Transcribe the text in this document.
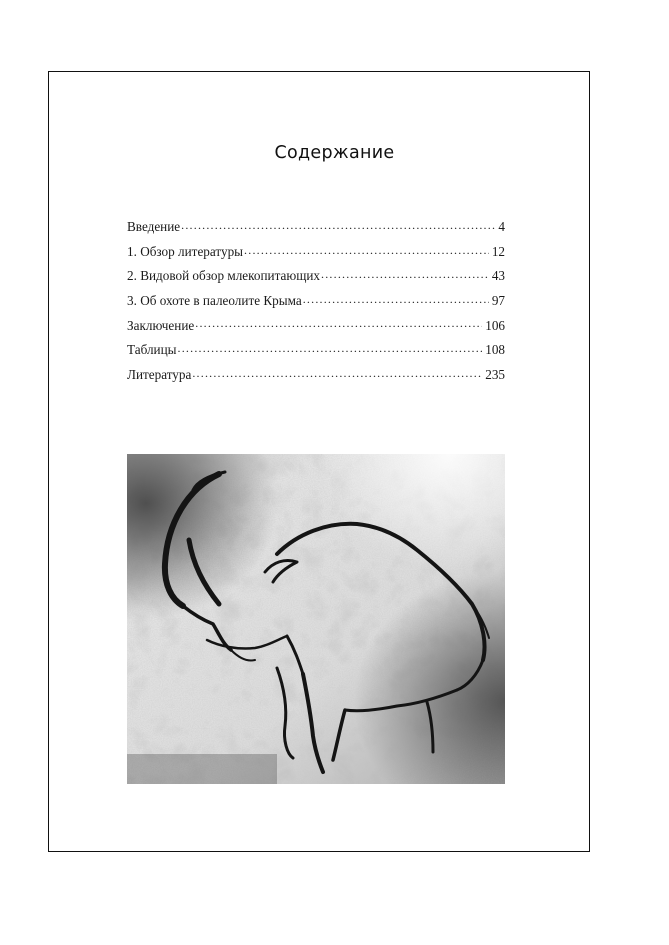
Содержание
Введение .....	4
1. Обзор литературы .....	12
2. Видовой обзор млекопитающих .....	43
3. Об охоте в палеолите Крыма .....	97
Заключение .....	106
Таблицы .....	108
Литература .....	235
